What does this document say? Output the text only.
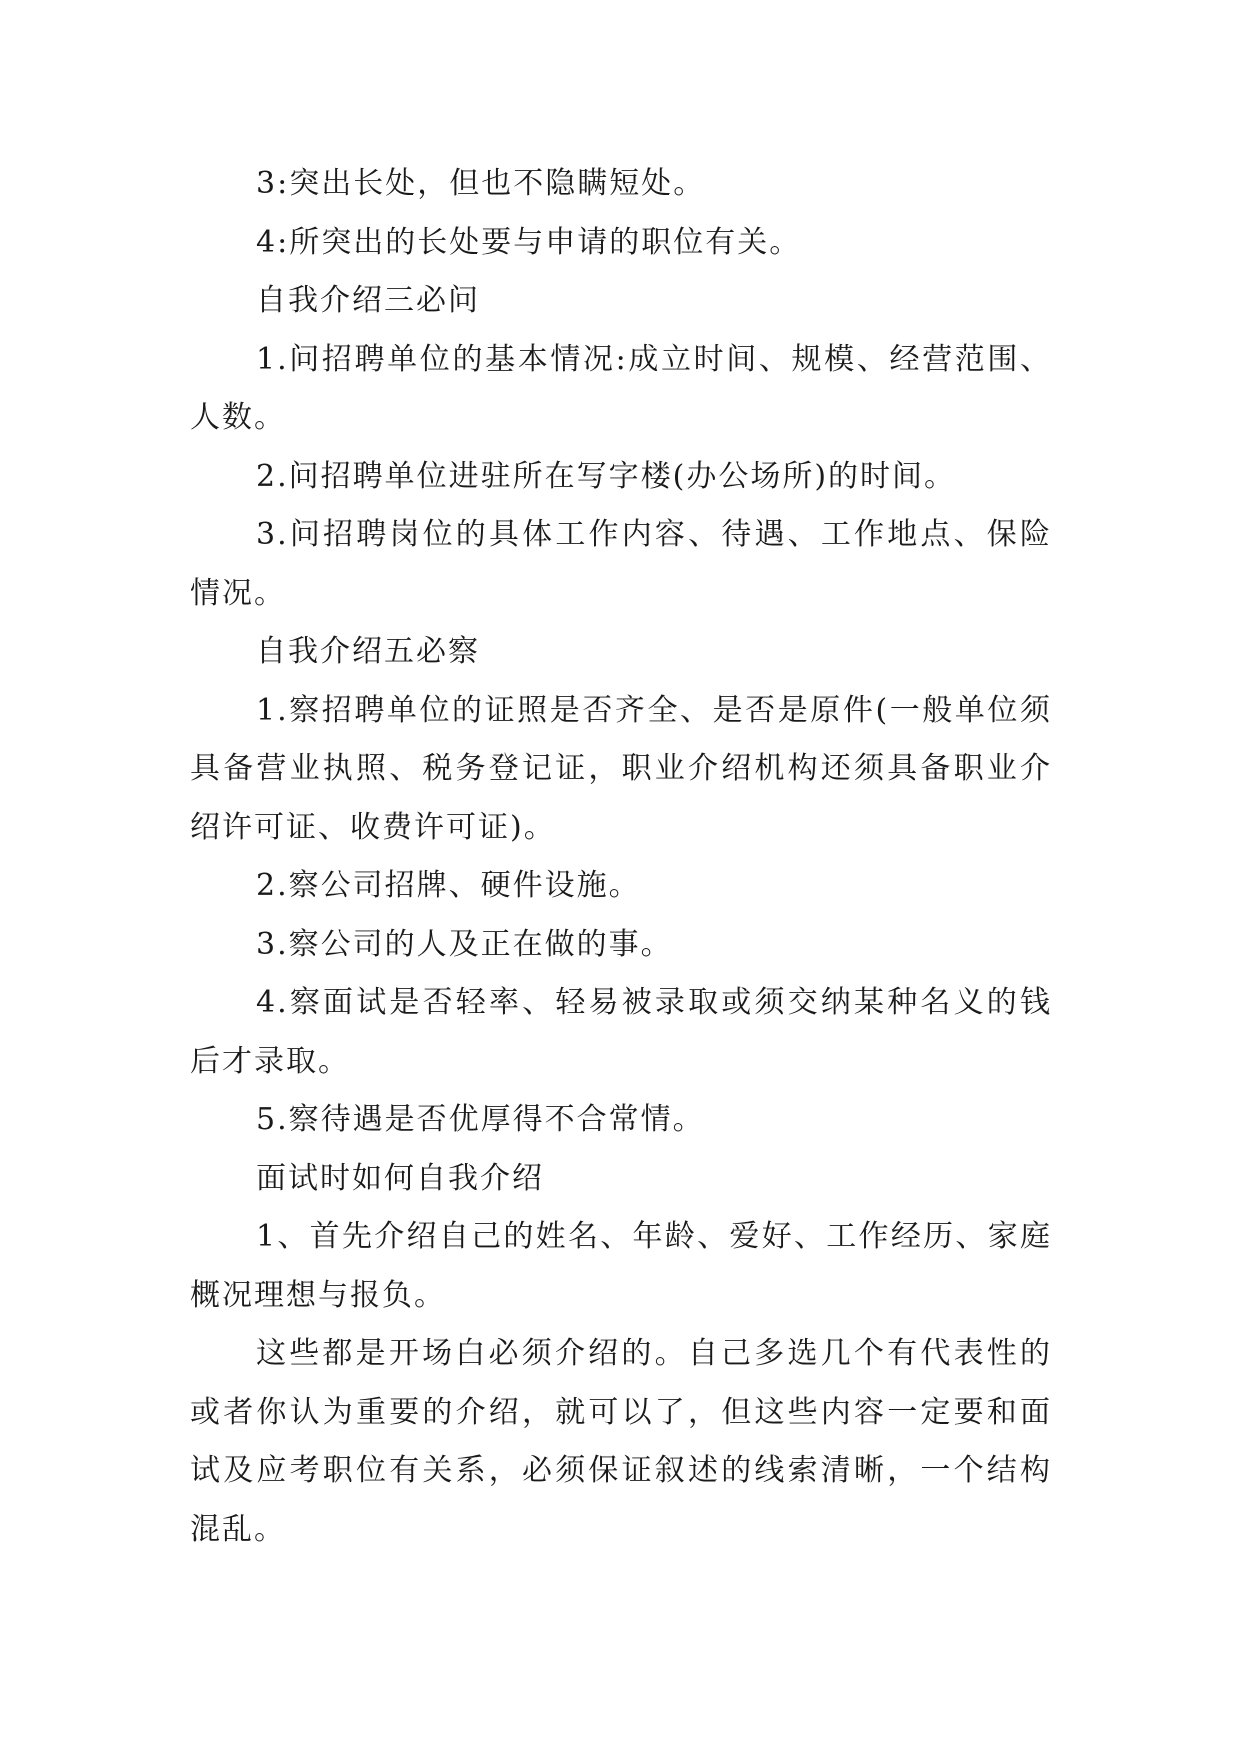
3:突出长处，但也不隐瞒短处。

4:所突出的长处要与申请的职位有关。

自我介绍三必问

1.问招聘单位的基本情况:成立时间、规模、经营范围、人数。

2.问招聘单位进驻所在写字楼(办公场所)的时间。

3.问招聘岗位的具体工作内容、待遇、工作地点、保险情况。

自我介绍五必察

1.察招聘单位的证照是否齐全、是否是原件(一般单位须具备营业执照、税务登记证，职业介绍机构还须具备职业介绍许可证、收费许可证)。

2.察公司招牌、硬件设施。

3.察公司的人及正在做的事。

4.察面试是否轻率、轻易被录取或须交纳某种名义的钱后才录取。

5.察待遇是否优厚得不合常情。

面试时如何自我介绍

1、首先介绍自己的姓名、年龄、爱好、工作经历、家庭概况理想与报负。

这些都是开场白必须介绍的。自己多选几个有代表性的或者你认为重要的介绍，就可以了，但这些内容一定要和面试及应考职位有关系，必须保证叙述的线索清晰，一个结构混乱。
